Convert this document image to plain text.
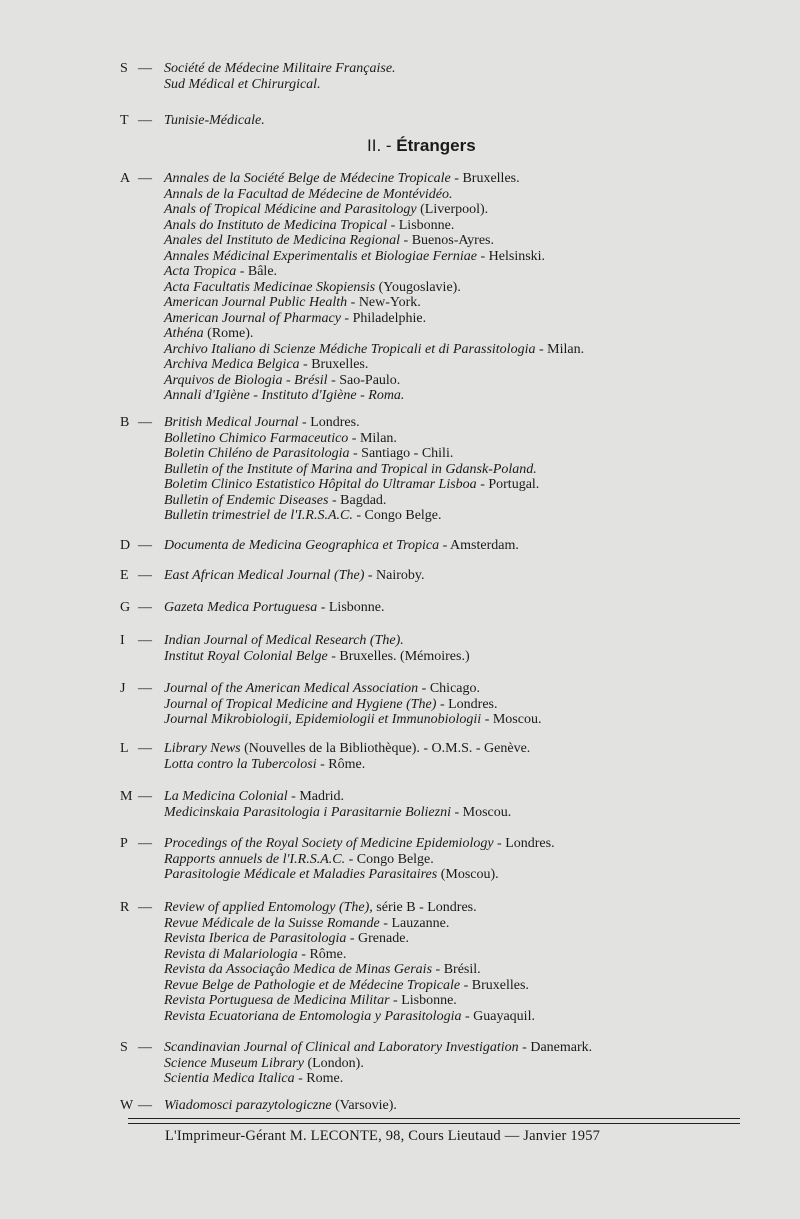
S — Société de Médecine Militaire Française.
Sud Médical et Chirurgical.
T — Tunisie-Médicale.
A — Annales de la Société Belge de Médecine Tropicale - Bruxelles.
Annals de la Facultad de Médecine de Montévidéo.
Anals of Tropical Médicine and Parasitology (Liverpool).
Anals do Instituto de Medicina Tropical - Lisbonne.
Anales del Instituto de Medicina Regional - Buenos-Ayres.
Annales Médicinal Experimentalis et Biologiae Ferniae - Helsinski.
Acta Tropica - Bâle.
Acta Facultatis Medicinae Skopiensis (Yougoslavie).
American Journal Public Health - New-York.
American Journal of Pharmacy - Philadelphie.
Athéna (Rome).
Archivo Italiano di Scienze Médiche Tropicali et di Parassitologia - Milan.
Archiva Medica Belgica - Bruxelles.
Arquivos de Biologia - Brésil - Sao-Paulo.
Annali d'Igiène - Instituto d'Igiène - Roma.
B — British Medical Journal - Londres.
Bolletino Chimico Farmaceutico - Milan.
Boletin Chiléno de Parasitologia - Santiago - Chili.
Bulletin of the Institute of Marina and Tropical in Gdansk-Poland.
Boletim Clinico Estatistico Hôpital do Ultramar Lisboa - Portugal.
Bulletin of Endemic Diseases - Bagdad.
Bulletin trimestriel de l'I.R.S.A.C. - Congo Belge.
D — Documenta de Medicina Geographica et Tropica - Amsterdam.
E — East African Medical Journal (The) - Nairoby.
G — Gazeta Medica Portuguesa - Lisbonne.
I — Indian Journal of Medical Research (The).
Institut Royal Colonial Belge - Bruxelles. (Mémoires.)
J — Journal of the American Medical Association - Chicago.
Journal of Tropical Medicine and Hygiene (The) - Londres.
Journal Mikrobiologii, Epidemiologii et Immunobiologii - Moscou.
L — Library News (Nouvelles de la Bibliothèque). - O.M.S. - Genève.
Lotta contro la Tubercolosi - Rôme.
M — La Medicina Colonial - Madrid.
Medicinskaia Parasitologia i Parasitarnie Boliezni - Moscou.
P — Procedings of the Royal Society of Medicine Epidemiology - Londres.
Rapports annuels de l'I.R.S.A.C. - Congo Belge.
Parasitologie Médicale et Maladies Parasitaires (Moscou).
R — Review of applied Entomology (The), série B - Londres.
Revue Médicale de la Suisse Romande - Lauzanne.
Revista Iberica de Parasitologia - Grenade.
Revista di Malariologia - Rôme.
Revista da Associaçâo Medica de Minas Gerais - Brésil.
Revue Belge de Pathologie et de Médecine Tropicale - Bruxelles.
Revista Portuguesa de Medicina Militar - Lisbonne.
Revista Ecuatoriana de Entomologia y Parasitologia - Guayaquil.
S — Scandinavian Journal of Clinical and Laboratory Investigation - Danemark.
Science Museum Library (London).
Scientia Medica Italica - Rome.
W — Wiadomosci parazytologiczne (Varsovie).
II. - Étrangers
L'Imprimeur-Gérant M. LECONTE, 98, Cours Lieutaud — Janvier 1957
